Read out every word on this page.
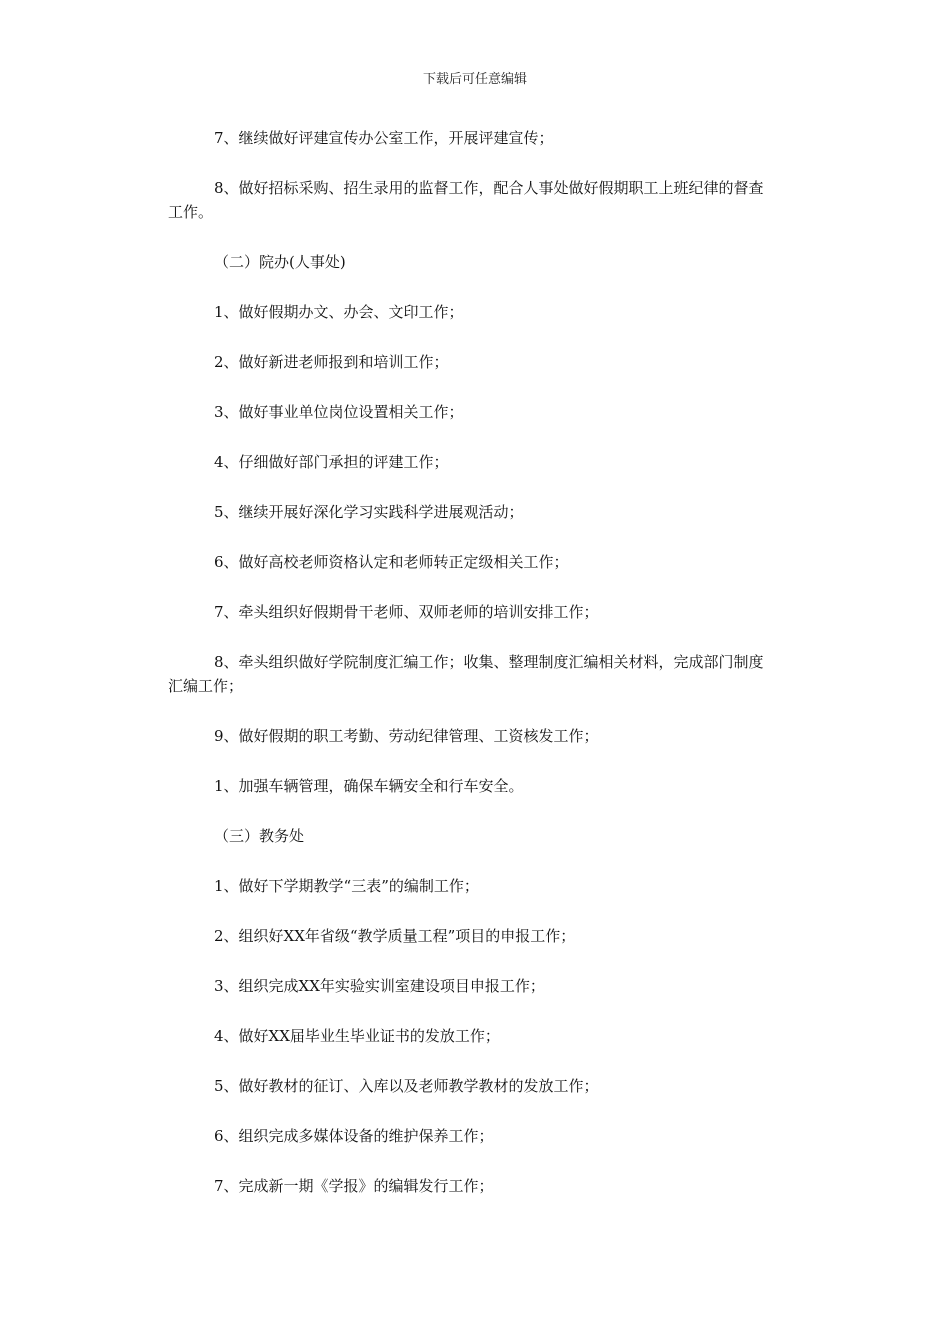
下载后可任意编辑

7、继续做好评建宣传办公室工作，开展评建宣传；

8、做好招标采购、招生录用的监督工作，配合人事处做好假期职工上班纪律的督查工作。

（二）院办(人事处)

1、做好假期办文、办会、文印工作；

2、做好新进老师报到和培训工作；

3、做好事业单位岗位设置相关工作；

4、仔细做好部门承担的评建工作；

5、继续开展好深化学习实践科学进展观活动；

6、做好高校老师资格认定和老师转正定级相关工作；

7、牵头组织好假期骨干老师、双师老师的培训安排工作；

8、牵头组织做好学院制度汇编工作；收集、整理制度汇编相关材料，完成部门制度汇编工作；

9、做好假期的职工考勤、劳动纪律管理、工资核发工作；

1、加强车辆管理，确保车辆安全和行车安全。

（三）教务处

1、做好下学期教学“三表”的编制工作；

2、组织好XX年省级“教学质量工程”项目的申报工作；

3、组织完成XX年实验实训室建设项目申报工作；

4、做好XX届毕业生毕业证书的发放工作；

5、做好教材的征订、入库以及老师教学教材的发放工作；

6、组织完成多媒体设备的维护保养工作；

7、完成新一期《学报》的编辑发行工作；
